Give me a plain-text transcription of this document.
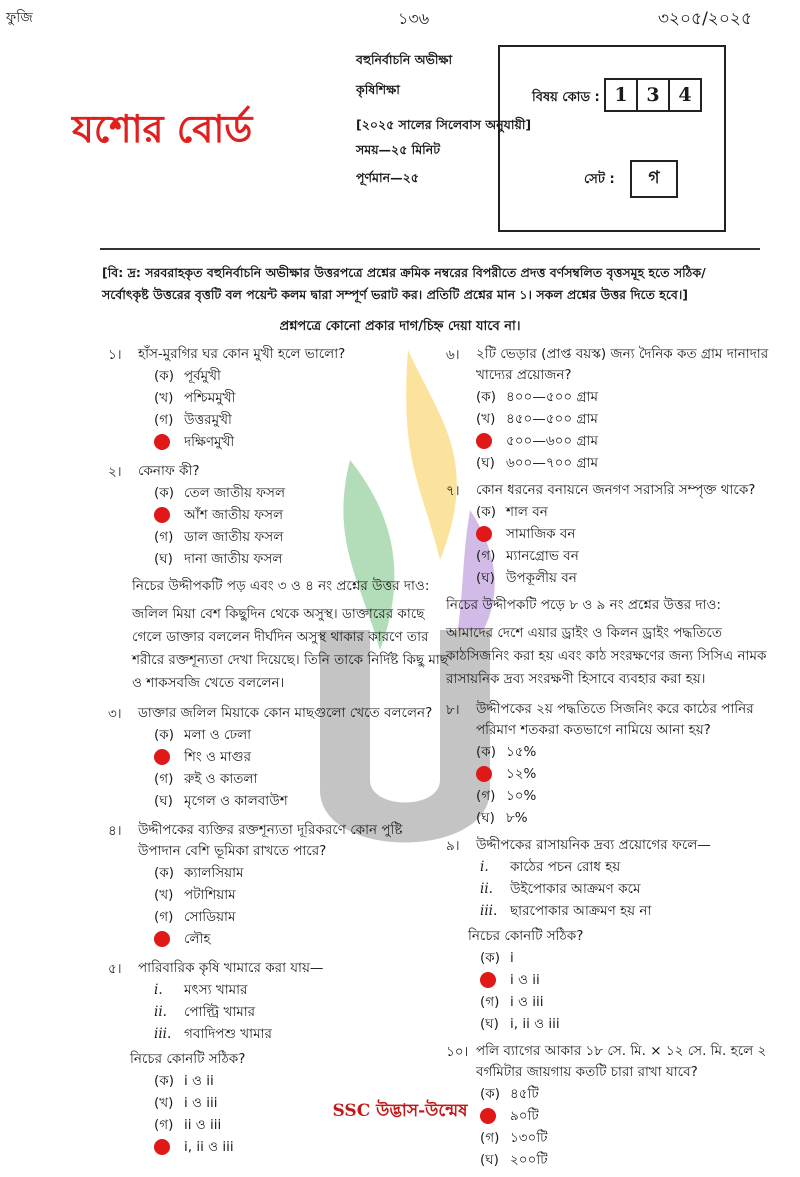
ফুজি	১৩৬	৩২০৫/২০২৫
যশোর বোর্ড
বহুনির্বাচনি অভীক্ষা
কৃষিশিক্ষা
[২০২৫ সালের সিলেবাস অনুযায়ী]
সময়—২৫ মিনিট
পূর্ণমান—২৫
বিষয় কোড : 1 3 4
সেট :	গ
[বি: দ্র: সরবরাহকৃত বহুনির্বাচনি অভীক্ষার উত্তরপত্রে প্রশ্নের ক্রমিক নম্বরের বিপরীতে প্রদত্ত বর্ণসম্বলিত বৃত্তসমূহ হতে সঠিক/ সর্বোৎকৃষ্ট উত্তরের বৃত্তটি বল পয়েন্ট কলম দ্বারা সম্পূর্ণ ভরাট কর। প্রতিটি প্রশ্নের মান ১। সকল প্রশ্নের উত্তর দিতে হবে।]
প্রশ্নপত্রে কোনো প্রকার দাগ/চিহ্ন দেয়া যাবে না।
১। হাঁস-মুরগির ঘর কোন মুখী হলে ভালো?
(ক) পূর্বমুখী
(খ) পশ্চিমমুখী
(গ) উত্তরমুখী
দক্ষিণমুখী
২। কেনাফ কী?
(ক) তেল জাতীয় ফসল
আঁশ জাতীয় ফসল
(গ) ডাল জাতীয় ফসল
(ঘ) দানা জাতীয় ফসল
নিচের উদ্দীপকটি পড় এবং ৩ ও ৪ নং প্রশ্নের উত্তর দাও:
জলিল মিয়া বেশ কিছুদিন থেকে অসুস্থ। ডাক্তারের কাছে গেলে ডাক্তার বললেন দীর্ঘদিন অসুস্থ থাকার কারণে তার শরীরে রক্তশূন্যতা দেখা দিয়েছে। তিনি তাকে নির্দিষ্ট কিছু মাছ ও শাকসবজি খেতে বললেন।
৩। ডাক্তার জলিল মিয়াকে কোন মাছগুলো খেতে বললেন?
(ক) মলা ও ঢেলা
শিং ও মাগুর
(গ) রুই ও কাতলা
(ঘ) মৃগেল ও কালবাউশ
৪। উদ্দীপকের ব্যক্তির রক্তশূন্যতা দূরিকরণে কোন পুষ্টি উপাদান বেশি ভূমিকা রাখতে পারে?
(ক) ক্যালসিয়াম
(খ) পটাশিয়াম
(গ) সোডিয়াম
লৌহ
৫। পারিবারিক কৃষি খামারে করা যায়—
i.	মৎস্য খামার
ii.	পোল্ট্রি খামার
iii. গবাদিপশু খামার
নিচের কোনটি সঠিক?
(ক) i ও ii
(খ) i ও iii
(গ) ii ও iii
i, ii ও iii
৬। ২টি ভেড়ার (প্রাপ্ত বয়স্ক) জন্য দৈনিক কত গ্রাম দানাদার খাদ্যের প্রয়োজন?
(ক) ৪০০—৫০০ গ্রাম
(খ) ৪৫০—৫০০ গ্রাম
৫০০—৬০০ গ্রাম
(ঘ) ৬০০—৭০০ গ্রাম
৭। কোন ধরনের বনায়নে জনগণ সরাসরি সম্পৃক্ত থাকে?
(ক) শাল বন
সামাজিক বন
(গ) ম্যানগ্রোভ বন
(ঘ) উপকূলীয় বন
নিচের উদ্দীপকটি পড়ে ৮ ও ৯ নং প্রশ্নের উত্তর দাও:
আমাদের দেশে এয়ার ড্রাইং ও কিলন ড্রাইং পদ্ধতিতে কাঠসিজনিং করা হয় এবং কাঠ সংরক্ষণের জন্য সিসিএ নামক রাসায়নিক দ্রব্য সংরক্ষণী হিসাবে ব্যবহার করা হয়।
৮। উদ্দীপকের ২য় পদ্ধতিতে সিজনিং করে কাঠের পানির পরিমাণ শতকরা কতভাগে নামিয়ে আনা হয়?
(ক) ১৫%
১২%
(গ) ১০%
(ঘ) ৮%
৯। উদ্দীপকের রাসায়নিক দ্রব্য প্রয়োগের ফলে—
i.	কাঠের পচন রোধ হয়
ii.	উইপোকার আক্রমণ কমে
iii. ছারপোকার আক্রমণ হয় না
নিচের কোনটি সঠিক?
(ক) i
i ও ii
(গ) i ও iii
(ঘ) i, ii ও iii
১০। পলি ব্যাগের আকার ১৮ সে. মি. × ১২ সে. মি. হলে ২ বর্গমিটার জায়গায় কতটি চারা রাখা যাবে?
(ক) ৪৫টি
৯০টি
(গ) ১৩০টি
(ঘ) ২০০টি
SSC উদ্ভাস-উন্মেষ
